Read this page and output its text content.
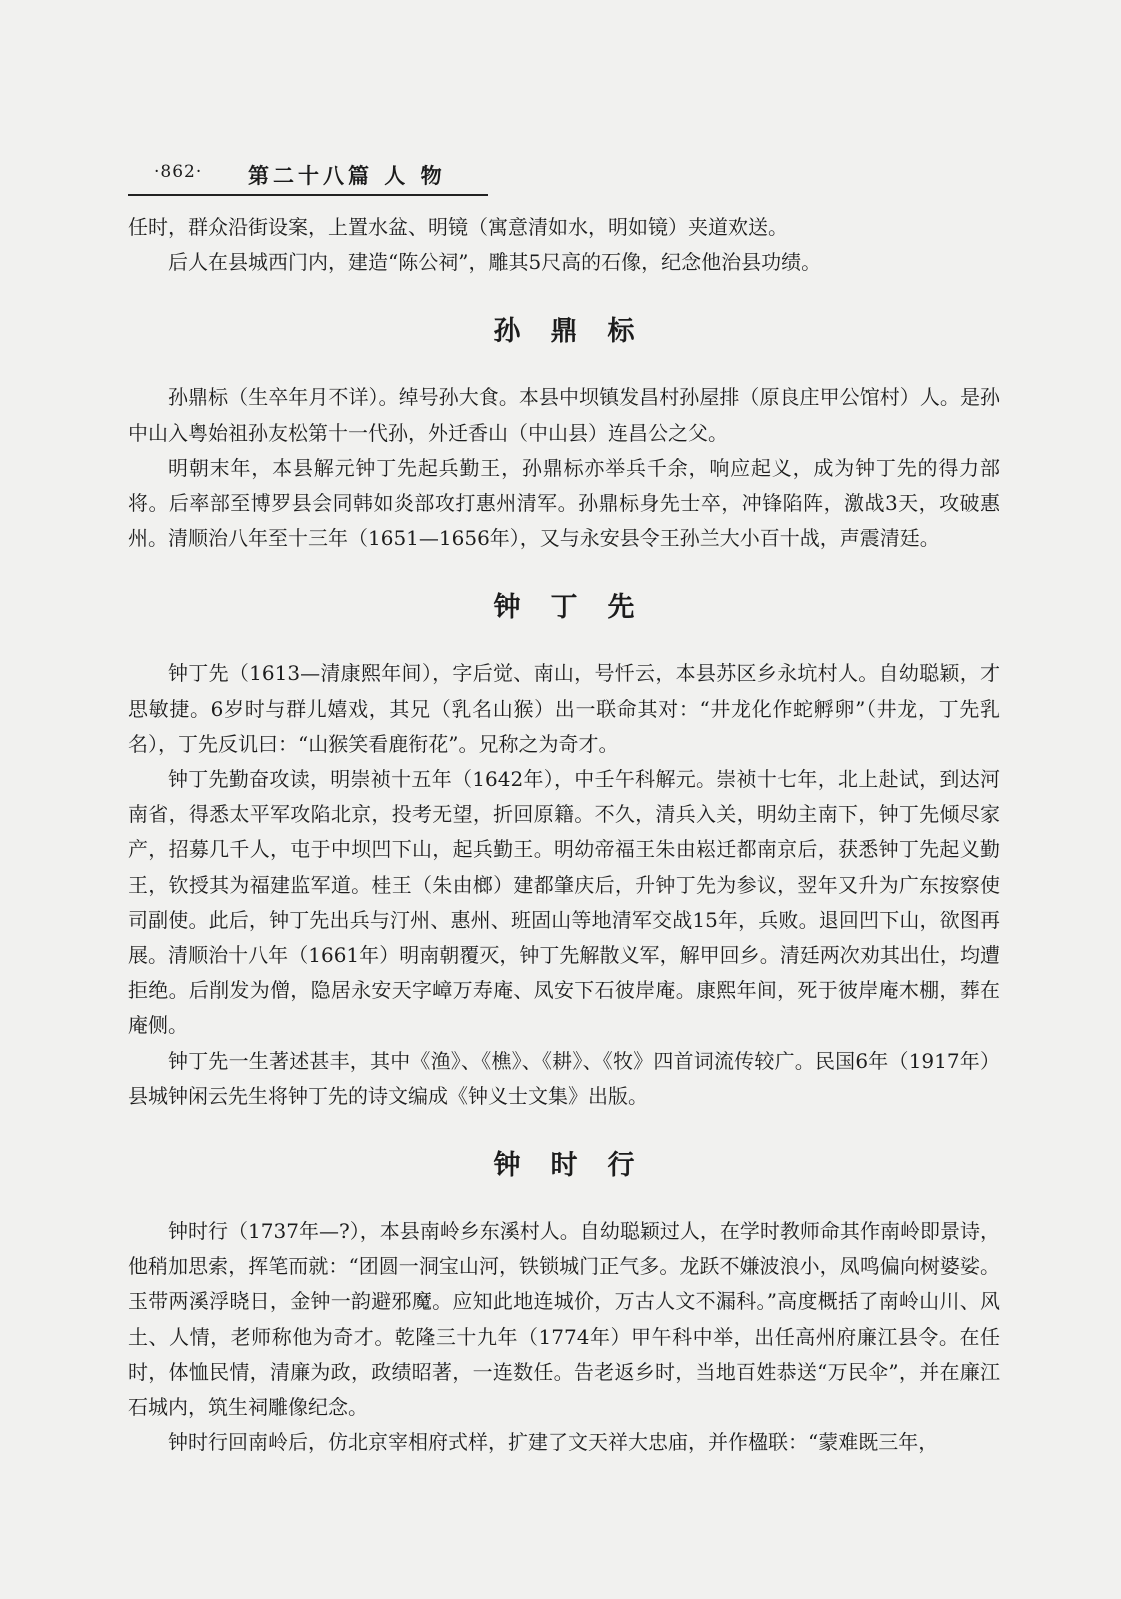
·862· 第二十八篇 人 物

任时，群众沿街设案，上置水盆、明镜（寓意清如水，明如镜）夹道欢送。

后人在县城西门内，建造“陈公祠”，雕其5尺高的石像，纪念他治县功绩。

孙鼎标

孙鼎标（生卒年月不详）。绰号孙大食。本县中坝镇发昌村孙屋排（原良庄甲公馆村）人。是孙中山入粤始祖孙友松第十一代孙，外迁香山（中山县）连昌公之父。

明朝末年，本县解元钟丁先起兵勤王，孙鼎标亦举兵千余，响应起义，成为钟丁先的得力部将。后率部至博罗县会同韩如炎部攻打惠州清军。孙鼎标身先士卒，冲锋陷阵，激战3天，攻破惠州。清顺治八年至十三年（1651—1656年），又与永安县令王孙兰大小百十战，声震清廷。

钟丁先

钟丁先（1613—清康熙年间），字后觉、南山，号忏云，本县苏区乡永坑村人。自幼聪颖，才思敏捷。6岁时与群儿嬉戏，其兄（乳名山猴）出一联命其对：“井龙化作蛇孵卵”（井龙，丁先乳名），丁先反讥曰：“山猴笑看鹿衔花”。兄称之为奇才。

钟丁先勤奋攻读，明崇祯十五年（1642年），中壬午科解元。崇祯十七年，北上赴试，到达河南省，得悉太平军攻陷北京，投考无望，折回原籍。不久，清兵入关，明幼主南下，钟丁先倾尽家产，招募几千人，屯于中坝凹下山，起兵勤王。明幼帝福王朱由崧迁都南京后，获悉钟丁先起义勤王，钦授其为福建监军道。桂王（朱由榔）建都肇庆后，升钟丁先为参议，翌年又升为广东按察使司副使。此后，钟丁先出兵与汀州、惠州、班固山等地清军交战15年，兵败。退回凹下山，欲图再展。清顺治十八年（1661年）明南朝覆灭，钟丁先解散义军，解甲回乡。清廷两次劝其出仕，均遭拒绝。后削发为僧，隐居永安天字嶂万寿庵、凤安下石彼岸庵。康熙年间，死于彼岸庵木棚，葬在庵侧。

钟丁先一生著述甚丰，其中《渔》、《樵》、《耕》、《牧》四首词流传较广。民国6年（1917年）县城钟闲云先生将钟丁先的诗文编成《钟义士文集》出版。

钟时行

钟时行（1737年—?），本县南岭乡东溪村人。自幼聪颖过人，在学时教师命其作南岭即景诗，他稍加思索，挥笔而就：“团圆一洞宝山河，铁锁城门正气多。龙跃不嫌波浪小，凤鸣偏向树婆娑。玉带两溪浮晓日，金钟一韵避邪魔。应知此地连城价，万古人文不漏科。”高度概括了南岭山川、风土、人情，老师称他为奇才。乾隆三十九年（1774年）甲午科中举，出任高州府廉江县令。在任时，体恤民情，清廉为政，政绩昭著，一连数任。告老返乡时，当地百姓恭送“万民伞”，并在廉江石城内，筑生祠雕像纪念。

钟时行回南岭后，仿北京宰相府式样，扩建了文天祥大忠庙，并作楹联：“蒙难既三年，
